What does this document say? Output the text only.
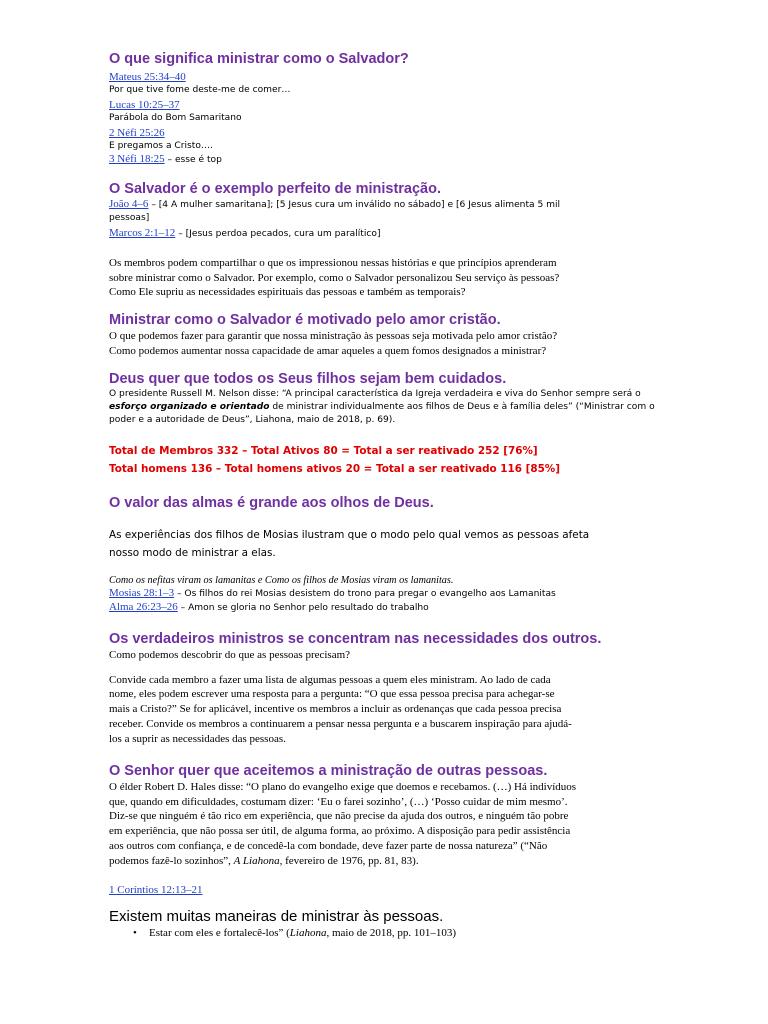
O que significa ministrar como o Salvador?

Mateus 25:34–40

Por que tive fome deste-me de comer…

Lucas 10:25–37

Parábola do Bom Samaritano

2 Néfi 25:26

E pregamos a Cristo….

3 Néfi 18:25 – esse é top

O Salvador é o exemplo perfeito de ministração.

João 4–6 – [4 A mulher samaritana]; [5 Jesus cura um inválido no sábado] e [6 Jesus alimenta 5 mil

pessoas]

Marcos 2:1–12 – [Jesus perdoa pecados, cura um paralítico]

Os membros podem compartilhar o que os impressionou nessas histórias e que princípios aprenderam

sobre ministrar como o Salvador. Por exemplo, como o Salvador personalizou Seu serviço às pessoas?

Como Ele supriu as necessidades espirituais das pessoas e também as temporais?

Ministrar como o Salvador é motivado pelo amor cristão.

O que podemos fazer para garantir que nossa ministração às pessoas seja motivada pelo amor cristão?

Como podemos aumentar nossa capacidade de amar aqueles a quem fomos designados a ministrar?

Deus quer que todos os Seus filhos sejam bem cuidados.

O presidente Russell M. Nelson disse: “A principal característica da Igreja verdadeira e viva do Senhor sempre será o

esforço organizado e orientado de ministrar individualmente aos filhos de Deus e à família deles” (“Ministrar com o

poder e a autoridade de Deus”, Liahona, maio de 2018, p. 69).

Total de Membros 332 – Total Ativos 80 = Total a ser reativado 252 [76%]

Total homens 136 – Total homens ativos 20 = Total a ser reativado 116 [85%]

O valor das almas é grande aos olhos de Deus.

As experiências dos filhos de Mosias ilustram que o modo pelo qual vemos as pessoas afeta

nosso modo de ministrar a elas.

Como os nefitas viram os lamanitas e Como os filhos de Mosias viram os lamanitas.

Mosias 28:1–3 – Os filhos do rei Mosias desistem do trono para pregar o evangelho aos Lamanitas

Alma 26:23–26 – Amon se gloria no Senhor pelo resultado do trabalho

Os verdadeiros ministros se concentram nas necessidades dos outros.

Como podemos descobrir do que as pessoas precisam?

Convide cada membro a fazer uma lista de algumas pessoas a quem eles ministram. Ao lado de cada

nome, eles podem escrever uma resposta para a pergunta: “O que essa pessoa precisa para achegar-se

mais a Cristo?” Se for aplicável, incentive os membros a incluir as ordenanças que cada pessoa precisa

receber. Convide os membros a continuarem a pensar nessa pergunta e a buscarem inspiração para ajudá-

los a suprir as necessidades das pessoas.

O Senhor quer que aceitemos a ministração de outras pessoas.

O élder Robert D. Hales disse: “O plano do evangelho exige que doemos e recebamos. (…) Há indivíduos

que, quando em dificuldades, costumam dizer: ‘Eu o farei sozinho’, (…) ‘Posso cuidar de mim mesmo’.

Diz-se que ninguém é tão rico em experiência, que não precise da ajuda dos outros, e ninguém tão pobre

em experiência, que não possa ser útil, de alguma forma, ao próximo. A disposição para pedir assistência

aos outros com confiança, e de concedê-la com bondade, deve fazer parte de nossa natureza” (“Não

podemos fazê-lo sozinhos”, A Liahona, fevereiro de 1976, pp. 81, 83).

1 Coríntios 12:13–21

Existem muitas maneiras de ministrar às pessoas.

• Estar com eles e fortalecê-los” (Liahona, maio de 2018, pp. 101–103)
